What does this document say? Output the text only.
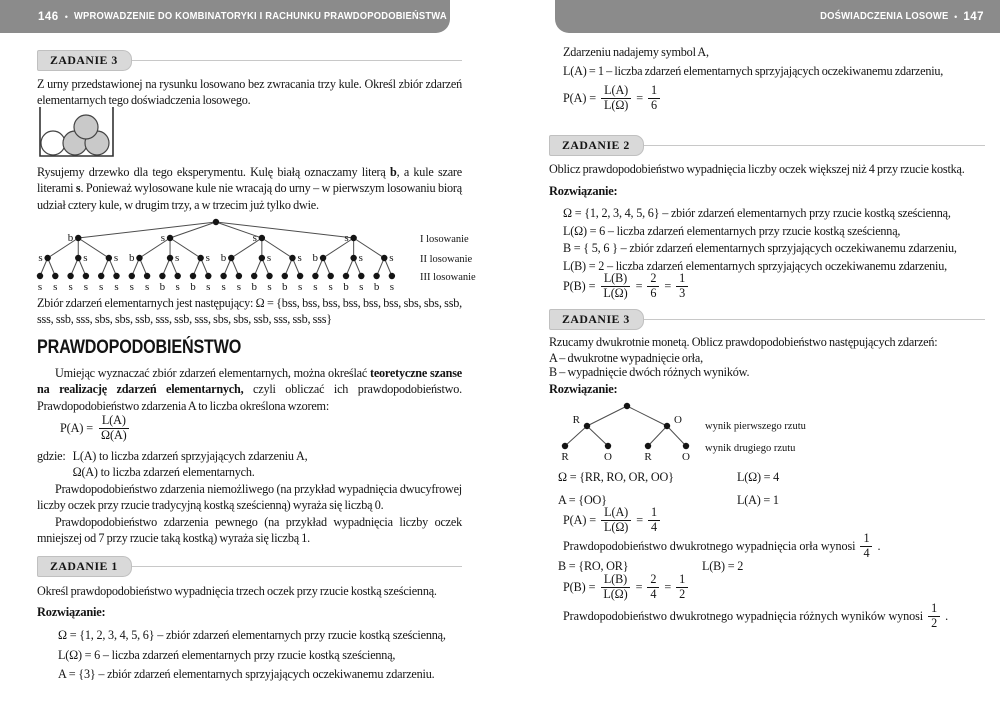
146 • WPROWADZENIE DO KOMBINATORYKI I RACHUNKU PRAWDOPODOBIEŃSTWA
ZADANIE 3

Z urny przedstawionej na rysunku losowano bez zwracania trzy kule. Określ zbiór zdarzeń elementarnych tego doświadczenia losowego.

Rysujemy drzewko dla tego eksperymentu. Kulę białą oznaczamy literą b, a kule szare literami s. Ponieważ wylosowane kule nie wracają do urny – w pierwszym losowaniu biorą udział cztery kule, w drugim trzy, a w trzecim już tylko dwie.

b	s	s	s
s	s s b	s s b	s s b	s s
s s s s s s s s b s b s s s b s b s s s b s b s
I losowanie
II losowanie
III losowanie

Zbiór zdarzeń elementarnych jest następujący: Ω = {bss, bss, bss, bss, bss, bss, sbs, sbs, ssb, sss, ssb, sss, sbs, sbs, ssb, sss, ssb, sss, sbs, sbs, ssb, sss, ssb, sss}

PRAWDOPODOBIEŃSTWO

Umiejąc wyznaczać zbiór zdarzeń elementarnych, można określać teoretyczne szanse na realizację zdarzeń elementarnych, czyli obliczać ich prawdopodobieństwo. Prawdopodobieństwo zdarzenia A to liczba określona wzorem:

$P(A) = \frac{L(A)}{\Omega(A)}$
gdzie: L(A) to liczba zdarzeń sprzyjających zdarzeniu A,
Ω(A) to liczba zdarzeń elementarnych.

Prawdopodobieństwo zdarzenia niemożliwego (na przykład wypadnięcia dwucyfrowej liczby oczek przy rzucie tradycyjną kostką sześcienną) wyraża się liczbą 0.

Prawdopodobieństwo zdarzenia pewnego (na przykład wypadnięcia liczby oczek mniejszej od 7 przy rzucie taką kostką) wyraża się liczbą 1.

ZADANIE 1

Określ prawdopodobieństwo wypadnięcia trzech oczek przy rzucie kostką sześcienną.

Rozwiązanie:

Ω = {1, 2, 3, 4, 5, 6} – zbiór zdarzeń elementarnych przy rzucie kostką sześcienną,
L(Ω) = 6 – liczba zdarzeń elementarnych przy rzucie kostką sześcienną,
A = {3} – zbiór zdarzeń elementarnych sprzyjających oczekiwanemu zdarzeniu.
DOŚWIADCZENIA LOSOWE • 147

Zdarzeniu nadajemy symbol A,

L(A) = 1 – liczba zdarzeń elementarnych sprzyjających oczekiwanemu zdarzeniu,

$P(A) = \frac{L(A)}{L(\Omega)} = \frac{1}{6}$
ZADANIE 2

Oblicz prawdopodobieństwo wypadnięcia liczby oczek większej niż 4 przy rzucie kostką.

Rozwiązanie:

Ω = {1, 2, 3, 4, 5, 6} – zbiór zdarzeń elementarnych przy rzucie kostką sześcienną,
L(Ω) = 6 – liczba zdarzeń elementarnych przy rzucie kostką sześcienną,
B = { 5, 6 } – zbiór zdarzeń elementarnych sprzyjających oczekiwanemu zdarzeniu,
L(B) = 2 – liczba zdarzeń elementarnych sprzyjających oczekiwanemu zdarzeniu,
$P(B) = \frac{L(B)}{L(\Omega)} = \frac{2}{6} = \frac{1}{3}$
ZADANIE 3

Rzucamy dwukrotnie monetą. Oblicz prawdopodobieństwo następujących zdarzeń:

A – dwukrotne wypadnięcie orła,

B – wypadnięcie dwóch różnych wyników.

Rozwiązanie:

R	O
R	O	R	O
wynik pierwszego rzutu
wynik drugiego rzutu
Ω = {RR, RO, OR, OO}	L(Ω) = 4
A = {OO}	L(A) = 1
$P(A) = \frac{L(A)}{L(\Omega)} = \frac{1}{4}$
Prawdopodobieństwo dwukrotnego wypadnięcia orła wynosi $\frac{1}{4}$ .
B = {RO, OR}	L(B) = 2
$P(B) = \frac{L(B)}{L(\Omega)} = \frac{2}{4} = \frac{1}{2}$
Prawdopodobieństwo dwukrotnego wypadnięcia różnych wyników wynosi $\frac{1}{2}$ .
